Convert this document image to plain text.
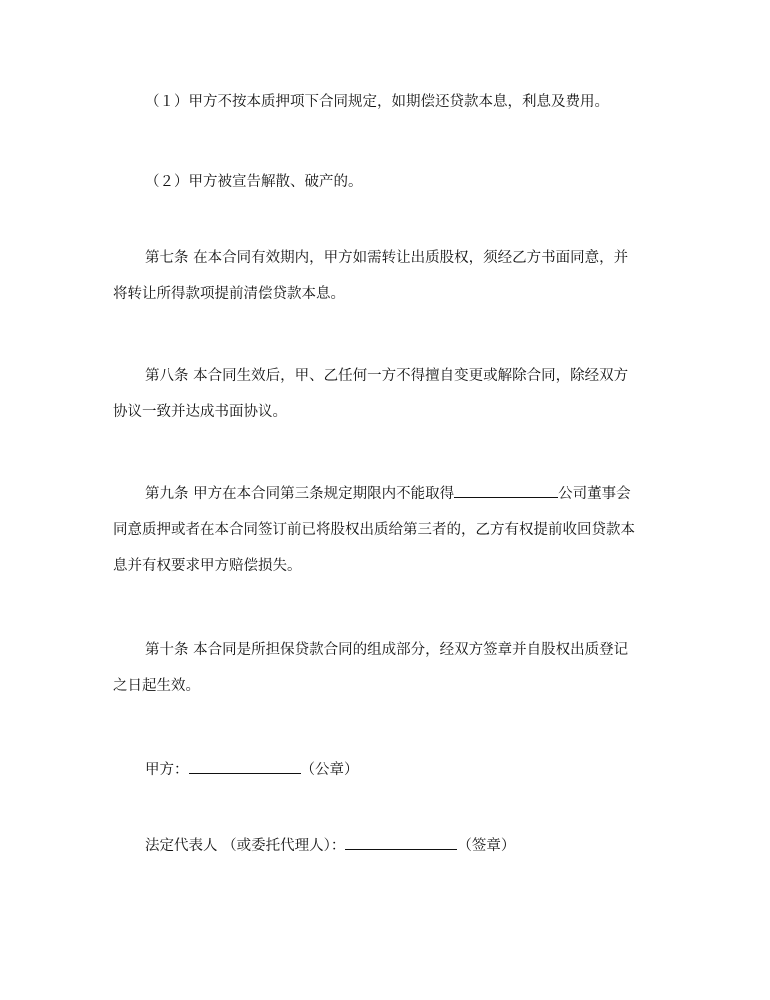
（１）甲方不按本质押项下合同规定，如期偿还贷款本息，利息及费用。

（２）甲方被宣告解散、破产的。

第七条 在本合同有效期内，甲方如需转让出质股权，须经乙方书面同意，并
将转让所得款项提前清偿贷款本息。

第八条 本合同生效后，甲、乙任何一方不得擅自变更或解除合同，除经双方
协议一致并达成书面协议。

第九条 甲方在本合同第三条规定期限内不能取得	公司董事会
同意质押或者在本合同签订前已将股权出质给第三者的，乙方有权提前收回贷款本
息并有权要求甲方赔偿损失。

第十条 本合同是所担保贷款合同的组成部分，经双方签章并自股权出质登记
之日起生效。

甲方：	（公章）

法定代表人 （或委托代理人）：	（签章）
